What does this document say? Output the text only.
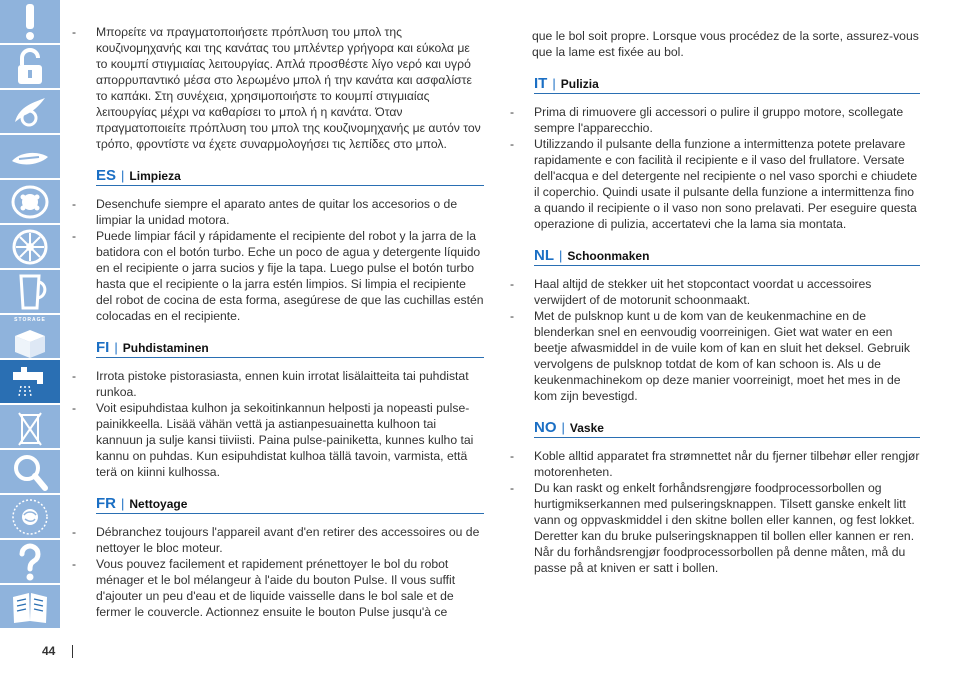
STORAGE
- Μπορείτε να πραγματοποιήσετε πρόπλυση του μπολ της κουζινομηχανής και της κανάτας του μπλέντερ γρήγορα και εύκολα με το κουμπί στιγμιαίας λειτουργίας. Απλά προσθέστε λίγο νερό και υγρό απορρυπαντικό μέσα στο λερωμένο μπολ ή την κανάτα και ασφαλίστε το καπάκι. Στη συνέχεια, χρησιμοποιήστε το κουμπί στιγμιαίας λειτουργίας μέχρι να καθαρίσει το μπολ ή η κανάτα. Όταν πραγματοποιείτε πρόπλυση του μπολ της κουζινομηχανής με αυτόν τον τρόπο, φροντίστε να έχετε συναρμολογήσει τις λεπίδες στο μπολ.

ES | Limpieza
- Desenchufe siempre el aparato antes de quitar los accesorios o de limpiar la unidad motora.

- Puede limpiar fácil y rápidamente el recipiente del robot y la jarra de la batidora con el botón turbo. Eche un poco de agua y detergente líquido en el recipiente o jarra sucios y fije la tapa. Luego pulse el botón turbo hasta que el recipiente o la jarra estén limpios. Si limpia el recipiente del robot de cocina de esta forma, asegúrese de que las cuchillas estén colocadas en el recipiente.

FI | Puhdistaminen
- Irrota pistoke pistorasiasta, ennen kuin irrotat lisälaitteita tai puhdistat runkoa.

- Voit esipuhdistaa kulhon ja sekoitinkannun helposti ja nopeasti pulse-painikkeella. Lisää vähän vettä ja astianpesuainetta kulhoon tai kannuun ja sulje kansi tiiviisti. Paina pulse-painiketta, kunnes kulho tai kannu on puhdas. Kun esipuhdistat kulhoa tällä tavoin, varmista, että terä on kiinni kulhossa.

FR | Nettoyage
- Débranchez toujours l'appareil avant d'en retirer des accessoires ou de nettoyer le bloc moteur.

- Vous pouvez facilement et rapidement prénettoyer le bol du robot ménager et le bol mélangeur à l'aide du bouton Pulse. Il vous suffit d'ajouter un peu d'eau et de liquide vaisselle dans le bol sale et de fermer le couvercle. Actionnez ensuite le bouton Pulse jusqu'à ce

que le bol soit propre. Lorsque vous procédez de la sorte, assurez-vous que la lame est fixée au bol.

IT | Pulizia
- Prima di rimuovere gli accessori o pulire il gruppo motore, scollegate sempre l'apparecchio.

- Utilizzando il pulsante della funzione a intermittenza potete prelavare rapidamente e con facilità il recipiente e il vaso del frullatore. Versate dell'acqua e del detergente nel recipiente o nel vaso sporchi e chiudete il coperchio. Quindi usate il pulsante della funzione a intermittenza fino a quando il recipiente o il vaso non sono prelavati. Per eseguire questa operazione di pulizia, accertatevi che la lama sia montata.

NL | Schoonmaken
- Haal altijd de stekker uit het stopcontact voordat u accessoires verwijdert of de motorunit schoonmaakt.

- Met de pulsknop kunt u de kom van de keukenmachine en de blenderkan snel en eenvoudig voorreinigen. Giet wat water en een beetje afwasmiddel in de vuile kom of kan en sluit het deksel. Gebruik vervolgens de pulsknop totdat de kom of kan schoon is. Als u de keukenmachinekom op deze manier voorreinigt, moet het mes in de kom zijn bevestigd.

NO | Vaske
- Koble alltid apparatet fra strømnettet når du fjerner tilbehør eller rengjør motorenheten.

- Du kan raskt og enkelt forhåndsrengjøre foodprocessorbollen og hurtigmikserkannen med pulseringsknappen. Tilsett ganske enkelt litt vann og oppvaskmiddel i den skitne bollen eller kannen, og fest lokket. Deretter kan du bruke pulseringsknappen til bollen eller kannen er ren. Når du forhåndsrengjør foodprocessorbollen på denne måten, må du passe på at kniven er satt i bollen.

44
